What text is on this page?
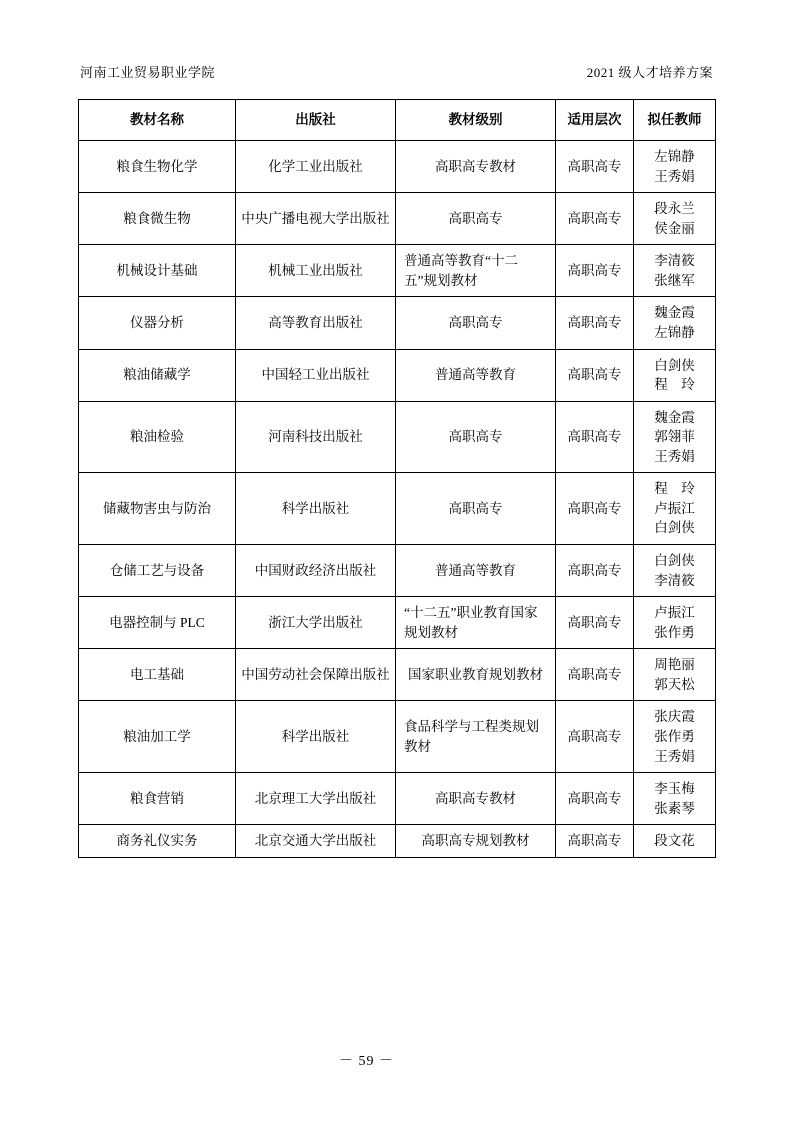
河南工业贸易职业学院	2021 级人才培养方案
教材名称	出版社	教材级别	适用层次	拟任教师
粮食生物化学	化学工业出版社	高职高专教材	高职高专	左锦静
王秀娟

粮食微生物	中央广播电视大学出版社	高职高专	高职高专	段永兰
侯金丽

机械设计基础	机械工业出版社	普通高等教育“十二五”规划教材	高职高专	李清筱
张继军

仪器分析	高等教育出版社	高职高专	高职高专	魏金霞
左锦静

粮油储藏学	中国轻工业出版社	普通高等教育	高职高专	白剑侠
程　玲

粮油检验	河南科技出版社	高职高专	高职高专	魏金霞
郭翎菲
王秀娟

储藏物害虫与防治	科学出版社	高职高专	高职高专	程　玲
卢振江
白剑侠

仓储工艺与设备	中国财政经济出版社	普通高等教育	高职高专	白剑侠
李清筱

电器控制与 PLC	浙江大学出版社	“十二五”职业教育国家规划教材	高职高专	卢振江
张作勇

电工基础	中国劳动社会保障出版社	国家职业教育规划教材	高职高专	周艳丽
郭天松

粮油加工学	科学出版社	食品科学与工程类规划教材	高职高专	张庆霞
张作勇
王秀娟

粮食营销	北京理工大学出版社	高职高专教材	高职高专	李玉梅
张素琴

商务礼仪实务	北京交通大学出版社	高职高专规划教材	高职高专	段文花
－ 59 －
